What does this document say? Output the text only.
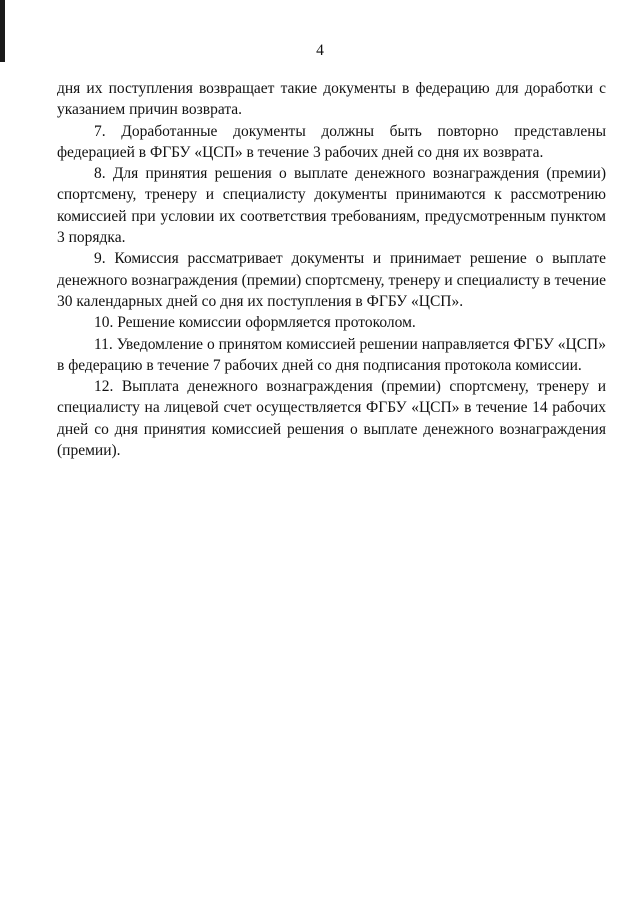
4

дня их поступления возвращает такие документы в федерацию для доработки с указанием причин возврата.

7. Доработанные документы должны быть повторно представлены федерацией в ФГБУ «ЦСП» в течение 3 рабочих дней со дня их возврата.

8. Для принятия решения о выплате денежного вознаграждения (премии) спортсмену, тренеру и специалисту документы принимаются к рассмотрению комиссией при условии их соответствия требованиям, предусмотренным пунктом 3 порядка.

9. Комиссия рассматривает документы и принимает решение о выплате денежного вознаграждения (премии) спортсмену, тренеру и специалисту в течение 30 календарных дней со дня их поступления в ФГБУ «ЦСП».

10. Решение комиссии оформляется протоколом.

11. Уведомление о принятом комиссией решении направляется ФГБУ «ЦСП» в федерацию в течение 7 рабочих дней со дня подписания протокола комиссии.

12. Выплата денежного вознаграждения (премии) спортсмену, тренеру и специалисту на лицевой счет осуществляется ФГБУ «ЦСП» в течение 14 рабочих дней со дня принятия комиссией решения о выплате денежного вознаграждения (премии).
